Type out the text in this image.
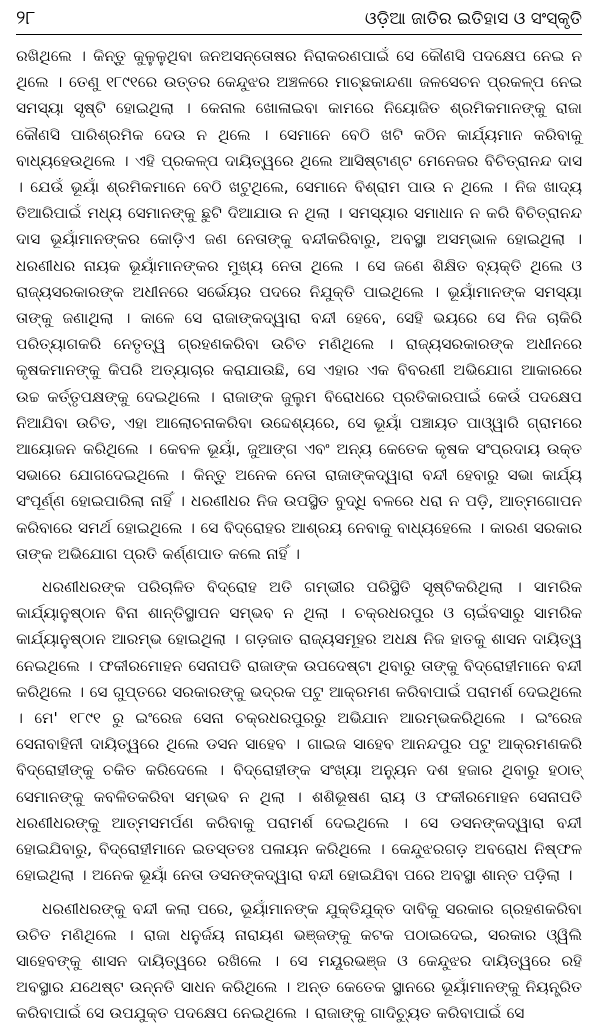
୨୮	ଓଡ଼ିଆ ଜାତିର ଇତିହାସ ଓ ସଂସ୍କୃତି

ରଖିଥିଲେ । କିନ୍ତୁ କୁଳୁଳୁଥିବା ଜନଅସନ୍ତୋଷର ନିରାକରଣପାଇଁ ସେ କୌଣସି ପଦକ୍ଷେପ ନେଇ ନ ଥିଲେ । ତେଣୁ ୧୮୯୧ରେ ଉତ୍ତର କେନ୍ଦୁଝର ଅଞ୍ଚଳରେ ମାଚ୍ଛକାନ୍ଦଣା ଜଳସେଚନ ପ୍ରକଳ୍ପ ନେଇ ସମସ୍ୟା ସୃଷ୍ଟି ହୋଇଥିଲା । କେନାଲ ଖୋଳାଇବା କାମରେ ନିୟୋଜିତ ଶ୍ରମିକମାନଙ୍କୁ ରାଜା କୌଣସି ପାରିଶ୍ରମିକ ଦେଉ ନ ଥିଲେ । ସେମାନେ ବେଠି ଖଟି କଠିନ କାର୍ଯ୍ୟମାନ କରିବାକୁ ବାଧ୍ୟହେଉଥିଲେ । ଏହି ପ୍ରକଳ୍ପ ଦାୟିତ୍ୱରେ ଥିଲେ ଆସିଷ୍ଟାଣ୍ଟ ମେନେଜର ବିଚିତ୍ରାନନ୍ଦ ଦାସ । ଯେଉଁ ଭୂୟାଁ ଶ୍ରମିକମାନେ ବେଠି ଖଟୁଥିଲେ, ସେମାନେ ବିଶ୍ରାମ ପାଉ ନ ଥିଲେ । ନିଜ ଖାଦ୍ୟ ତିଆରିପାଇଁ ମଧ୍ୟ ସେମାନଙ୍କୁ ଛୁଟି ଦିଆଯାଉ ନ ଥିଲା । ସମସ୍ୟାର ସମାଧାନ ନ କରି ବିଚିତ୍ରାନନ୍ଦ ଦାସ ଭୂୟାଁମାନଙ୍କର କୋଡ଼ିଏ ଜଣ ନେତାଙ୍କୁ ବନ୍ଦୀକରିବାରୁ, ଅବସ୍ଥା ଅସମ୍ଭାଳ ହୋଇଥିଲା । ଧରଣୀଧର ନାୟକ ଭୂୟାଁମାନଙ୍କର ମୁଖ୍ୟ ନେତା ଥିଲେ । ସେ ଜଣେ ଶିକ୍ଷିତ ବ୍ୟକ୍ତି ଥିଲେ ଓ ରାଜ୍ୟସରକାରଙ୍କ ଅଧୀନରେ ସର୍ଭେୟର ପଦରେ ନିଯୁକ୍ତି ପାଇଥିଲେ । ଭୂୟାଁମାନଙ୍କ ସମସ୍ୟା ତାଙ୍କୁ ଜଣାଥିଲା । କାଳେ ସେ ରାଜାଙ୍କଦ୍ୱାରା ବନ୍ଦୀ ହେବେ, ସେହି ଭୟରେ ସେ ନିଜ ଚାକିରି ପରିତ୍ୟାଗକରି ନେତୃତ୍ୱ ଗ୍ରହଣକରିବା ଉଚିତ ମଣିଥିଲେ । ରାଜ୍ୟସରକାରଙ୍କ ଅଧୀନରେ କୃଷକମାନଙ୍କୁ କିପରି ଅତ୍ୟାଚାର କରାଯାଉଛି, ସେ ଏହାର ଏକ ବିବରଣୀ ଅଭିଯୋଗ ଆକାରରେ ଉଚ୍ଚ କର୍ତ୍ତୃପକ୍ଷଙ୍କୁ ଦେଇଥିଲେ । ରାଜାଙ୍କ ଜୁଲୁମ ବିରୋଧରେ ପ୍ରତିକାରପାଇଁ କେଉଁ ପଦକ୍ଷେପ ନିଆଯିବା ଉଚିତ, ଏହା ଆଲୋଚନାକରିବା ଉଦ୍ଦେଶ୍ୟରେ, ସେ ଭୂୟାଁ ପଞ୍ଚାୟତ ପାଓ୍ୱାରି ଗ୍ରାମରେ ଆୟୋଜନ କରିଥିଲେ । କେବଳ ଭୂୟାଁ, ଜୁଆଙ୍ଗ ଏବଂ ଅନ୍ୟ କେତେକ କୃଷକ ସଂପ୍ରଦାୟ ଉକ୍ତ ସଭାରେ ଯୋଗଦେଇଥିଲେ । କିନ୍ତୁ ଅନେକ ନେତା ରାଜାଙ୍କଦ୍ୱାରା ବନ୍ଦୀ ହେବାରୁ ସଭା କାର୍ଯ୍ୟ ସଂପୂର୍ଣ୍ଣ ହୋଇପାରିଲା ନାହିଁ । ଧରଣୀଧର ନିଜ ଉପସ୍ଥିତ ବୁଦ୍ଧି ବଳରେ ଧରା ନ ପଡ଼ି, ଆତ୍ମଗୋପନ କରିବାରେ ସମର୍ଥ ହୋଇଥିଲେ । ସେ ବିଦ୍ରୋହର ଆଶ୍ରୟ ନେବାକୁ ବାଧ୍ୟହେଲେ । କାରଣ ସରକାର ତାଙ୍କ ଅଭିଯୋଗ ପ୍ରତି କର୍ଣ୍ଣପାତ କଲେ ନାହିଁ ।

ଧରଣୀଧରଙ୍କ ପରିଚାଳିତ ବିଦ୍ରୋହ ଅତି ଗମ୍ଭୀର ପରିସ୍ଥିତି ସୃଷ୍ଟିକରିଥିଲା । ସାମରିକ କାର୍ଯ୍ୟାନୁଷ୍ଠାନ ବିନା ଶାନ୍ତିସ୍ଥାପନ ସମ୍ଭବ ନ ଥିଲା । ଚକ୍ରଧରପୁର ଓ ଚାଇଁବସାରୁ ସାମରିକ କାର୍ଯ୍ୟାନୁଷ୍ଠାନ ଆରମ୍ଭ ହୋଇଥିଲା । ଗଡ଼ଜାତ ରାଜ୍ୟସମୂହର ଅଧକ୍ଷ ନିଜ ହାତକୁ ଶାସନ ଦାୟିତ୍ୱ ନେଇଥିଲେ । ଫକୀରମୋହନ ସେନାପତି ରାଜାଙ୍କ ଉପଦେଷ୍ଟା ଥିବାରୁ ତାଙ୍କୁ ବିଦ୍ରୋହୀମାନେ ବନ୍ଦୀ କରିଥିଲେ । ସେ ଗୁପ୍ତରେ ସରକାରଙ୍କୁ ଭଦ୍ରକ ପଟୁ ଆକ୍ରମଣ କରିବାପାଇଁ ପରାମର୍ଶ ଦେଇଥିଲେ । ମେ' ୧୮୯୧ ରୁ ଇଂରେଜ ସେନା ଚକ୍ରଧରପୁରରୁ ଅଭିଯାନ ଆରମ୍ଭକରିଥିଲେ । ଇଂରେଜ ସେନାବାହିନୀ ଦାୟିତ୍ୱରେ ଥିଲେ ଡସନ ସାହେବ । ଗାଇଜ ସାହେବ ଆନନ୍ଦପୁର ପଟୁ ଆକ୍ରମଣକରି ବିଦ୍ରୋହୀଙ୍କୁ ଚକିତ କରିଦେଲେ । ବିଦ୍ରୋହୀଙ୍କ ସଂଖ୍ୟା ଅନ୍ୟୁନ ଦଶ ହଜାର ଥିବାରୁ ହଠାତ୍ ସେମାନଙ୍କୁ କବଳିତକରିବା ସମ୍ଭବ ନ ଥିଲା । ଶଶିଭୂଷଣ ରାୟ ଓ ଫକୀରମୋହନ ସେନାପତି ଧରଣୀଧରଙ୍କୁ ଆତ୍ମସମର୍ପଣ କରିବାକୁ ପରାମର୍ଶ ଦେଇଥିଲେ । ସେ ଡସନଙ୍କଦ୍ୱାରା ବନ୍ଦୀ ହୋଇଯିବାରୁ, ବିଦ୍ରୋହୀମାନେ ଇତସ୍ତତଃ ପଳାୟନ କରିଥିଲେ । କେନ୍ଦୁଝରଗଡ଼ ଅବରୋଧ ନିଷ୍ଫଳ ହୋଇଥିଲା । ଅନେକ ଭୂୟାଁ ନେତା ଡସନଙ୍କଦ୍ୱାରା ବନ୍ଦୀ ହୋଇଯିବା ପରେ ଅବସ୍ଥା ଶାନ୍ତ ପଡ଼ିଲା ।

ଧରଣୀଧରଙ୍କୁ ବନ୍ଦୀ କଲା ପରେ, ଭୂୟାଁମାନଙ୍କ ଯୁକ୍ତିଯୁକ୍ତ ଦାବିକୁ ସରକାର ଗ୍ରହଣକରିବା ଉଚିତ ମଣିଥିଲେ । ରାଜା ଧନୁର୍ଜୟ ନାରାୟଣ ଭଞ୍ଜଙ୍କୁ କଟକ ପଠାଇଦେଇ, ସରକାର ଓ୍ୱିଲି ସାହେବଙ୍କୁ ଶାସନ ଦାୟିତ୍ୱରେ ରଖିଲେ । ସେ ମୟୂରଭଞ୍ଜ ଓ କେନ୍ଦୁଝର ଦାୟିତ୍ୱରେ ରହି ଅବସ୍ଥାର ଯଥେଷ୍ଟ ଉନ୍ନତି ସାଧନ କରିଥିଲେ । ଅନ୍ତ କେତେକ ସ୍ଥାନରେ ଭୂୟାଁମାନଙ୍କୁ ନିୟନ୍ତ୍ରିତ କରିବାପାଇଁ ସେ ଉପଯୁକ୍ତ ପଦକ୍ଷେପ ନେଇଥିଲେ । ରାଜାଙ୍କୁ ଗାଦିଚ୍ୟୁତ କରିବାପାଇଁ ସେ
